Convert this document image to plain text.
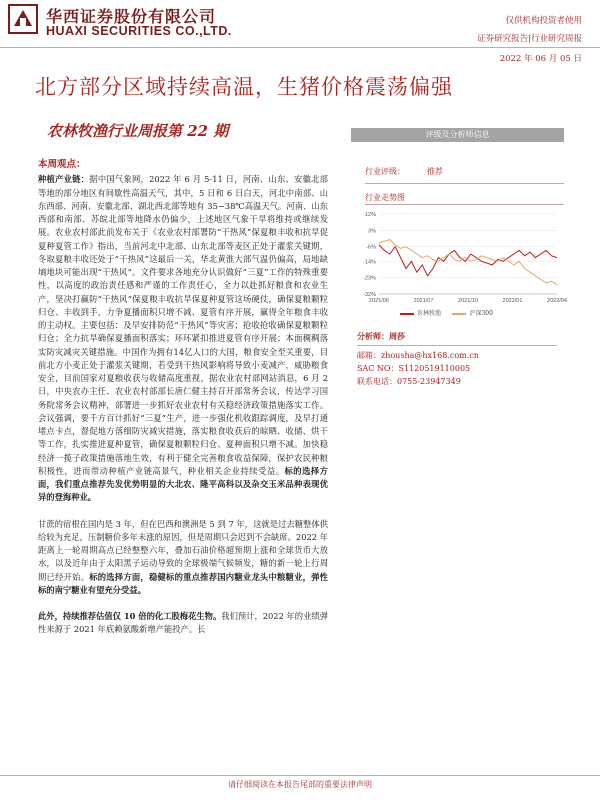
华西证券股份有限公司
HUAXI SECURITIES CO.,LTD.
仅供机构投资者使用
证券研究报告|行业研究周报
2022 年 06 月 05 日
北方部分区域持续高温，生猪价格震荡偏强
农林牧渔行业周报第 22 期
本周观点：
种植产业链：据中国气象网，2022 年 6 月 5-11 日，河南、山东、安徽北部等地的部分地区有间歇性高温天气，其中，5 日和 6 日白天，河北中南部、山东西部、河南、安徽北部、湖北西北部等地有 35~38℃高温天气。河南、山东西部和南部、苏皖北部等地降水仍偏少，上述地区气象干旱将维持或继续发展。农业农村部此前发布关于《农业农村部署防“干热风”保夏粮丰收和抗旱促夏种夏管工作》指出，当前河北中北部、山东北部等麦区正处于灌浆关键期，冬取夏粮丰收还处于“干热风”这最后一关，华北黄淮大部气温仍偏高，局地缺墒地块可能出现“干热风”。文件要求各地充分认识做好“三夏”工作的特殊重要性，以高度的政治责任感和严谨的工作责任心，全力以赴抓好粮食和农业生产，坚决打赢防“干热风”保夏粮丰收抗旱保夏种夏管这场硬仗，确保夏粮颗粒归仓、丰收到手，力争夏播面积只增不减、夏管有序开展，赢得全年粮食丰收的主动权。主要包括：及早安排防范“干热风”等灾害；抢收抢收确保夏粮颗粒归仓；全力抗旱确保夏播面积落实；环环紧扣推进夏管有序开展；本面稠稠落实防灾减灾关键措施。中国作为拥有14亿人口的大国，粮食安全至关重要，目前北方小麦正处于灌浆关键期，若受到干热风影响将导致小麦减产，威胁粮食安全，目前国家对夏粮收获与收储高度重视，据农业农村部网站消息，6 月 2 日，中央农办主任、农业农村部部长唐仁健主持召开部常务会议，传达学习国务院常务会议精神，部署进一步抓好农业农村有关稳经济政策措施落实工作。会议强调，要千方百计抓好“三夏”生产，进一步强化机收跟踪调度，及早打通堵点卡点，督促地方落细防灾减灾措施，落实粮食收获后的晾晒、收储、烘干等工作，扎实推进夏种夏管，确保夏粮颗粒归仓、夏种面积只增不减。加快稳经济一揽子政策措施落地生效，有利于健全完善粮食收益保障，保护农民种粮积极性，进而带动种植产业链高景气，种业相关企业持续受益。标的选择方面，我们重点推荐先发优势明显的大北农、隆平高科以及杂交玉米品种表现优异的登海种业。
甘蔗的宿根在国内是 3 年，但在巴西和澳洲是 5 到 7 年，这就是过去糖整体供给较为充足，压制糖价多年未涨的原因，但是周期只会迟到不会缺席。2022 年距离上一轮周期高点已经整整六年，叠加石油价格超预期上涨和全球货币大放水，以及近年由于太阳黑子运动导致的全球极端气候频发，糖的新一轮上行周期已经开始。标的选择方面，稳健标的重点推荐国内糖业龙头中粮糖业，弹性标的南宁糖业有望充分受益。
此外，持续推荐估值仅 10 倍的化工股梅花生物。我们预计，2022 年的业绩弹性来源于 2021 年底赖氨酸新增产能投产。长
评级及分析师信息
行业评级：	推荐
行业走势图
12%
3%
-6%
-14%
-23%
-32%
2021/06	2021/07	2021/10	2022/01	2022/04
农林牧渔	沪深300
分析师：周莎
邮箱：zhousha@hx168.com.cn
SAC NO：S1120519110005
联系电话：0755-23947349
请仔细阅读在本报告尾部的重要法律声明
